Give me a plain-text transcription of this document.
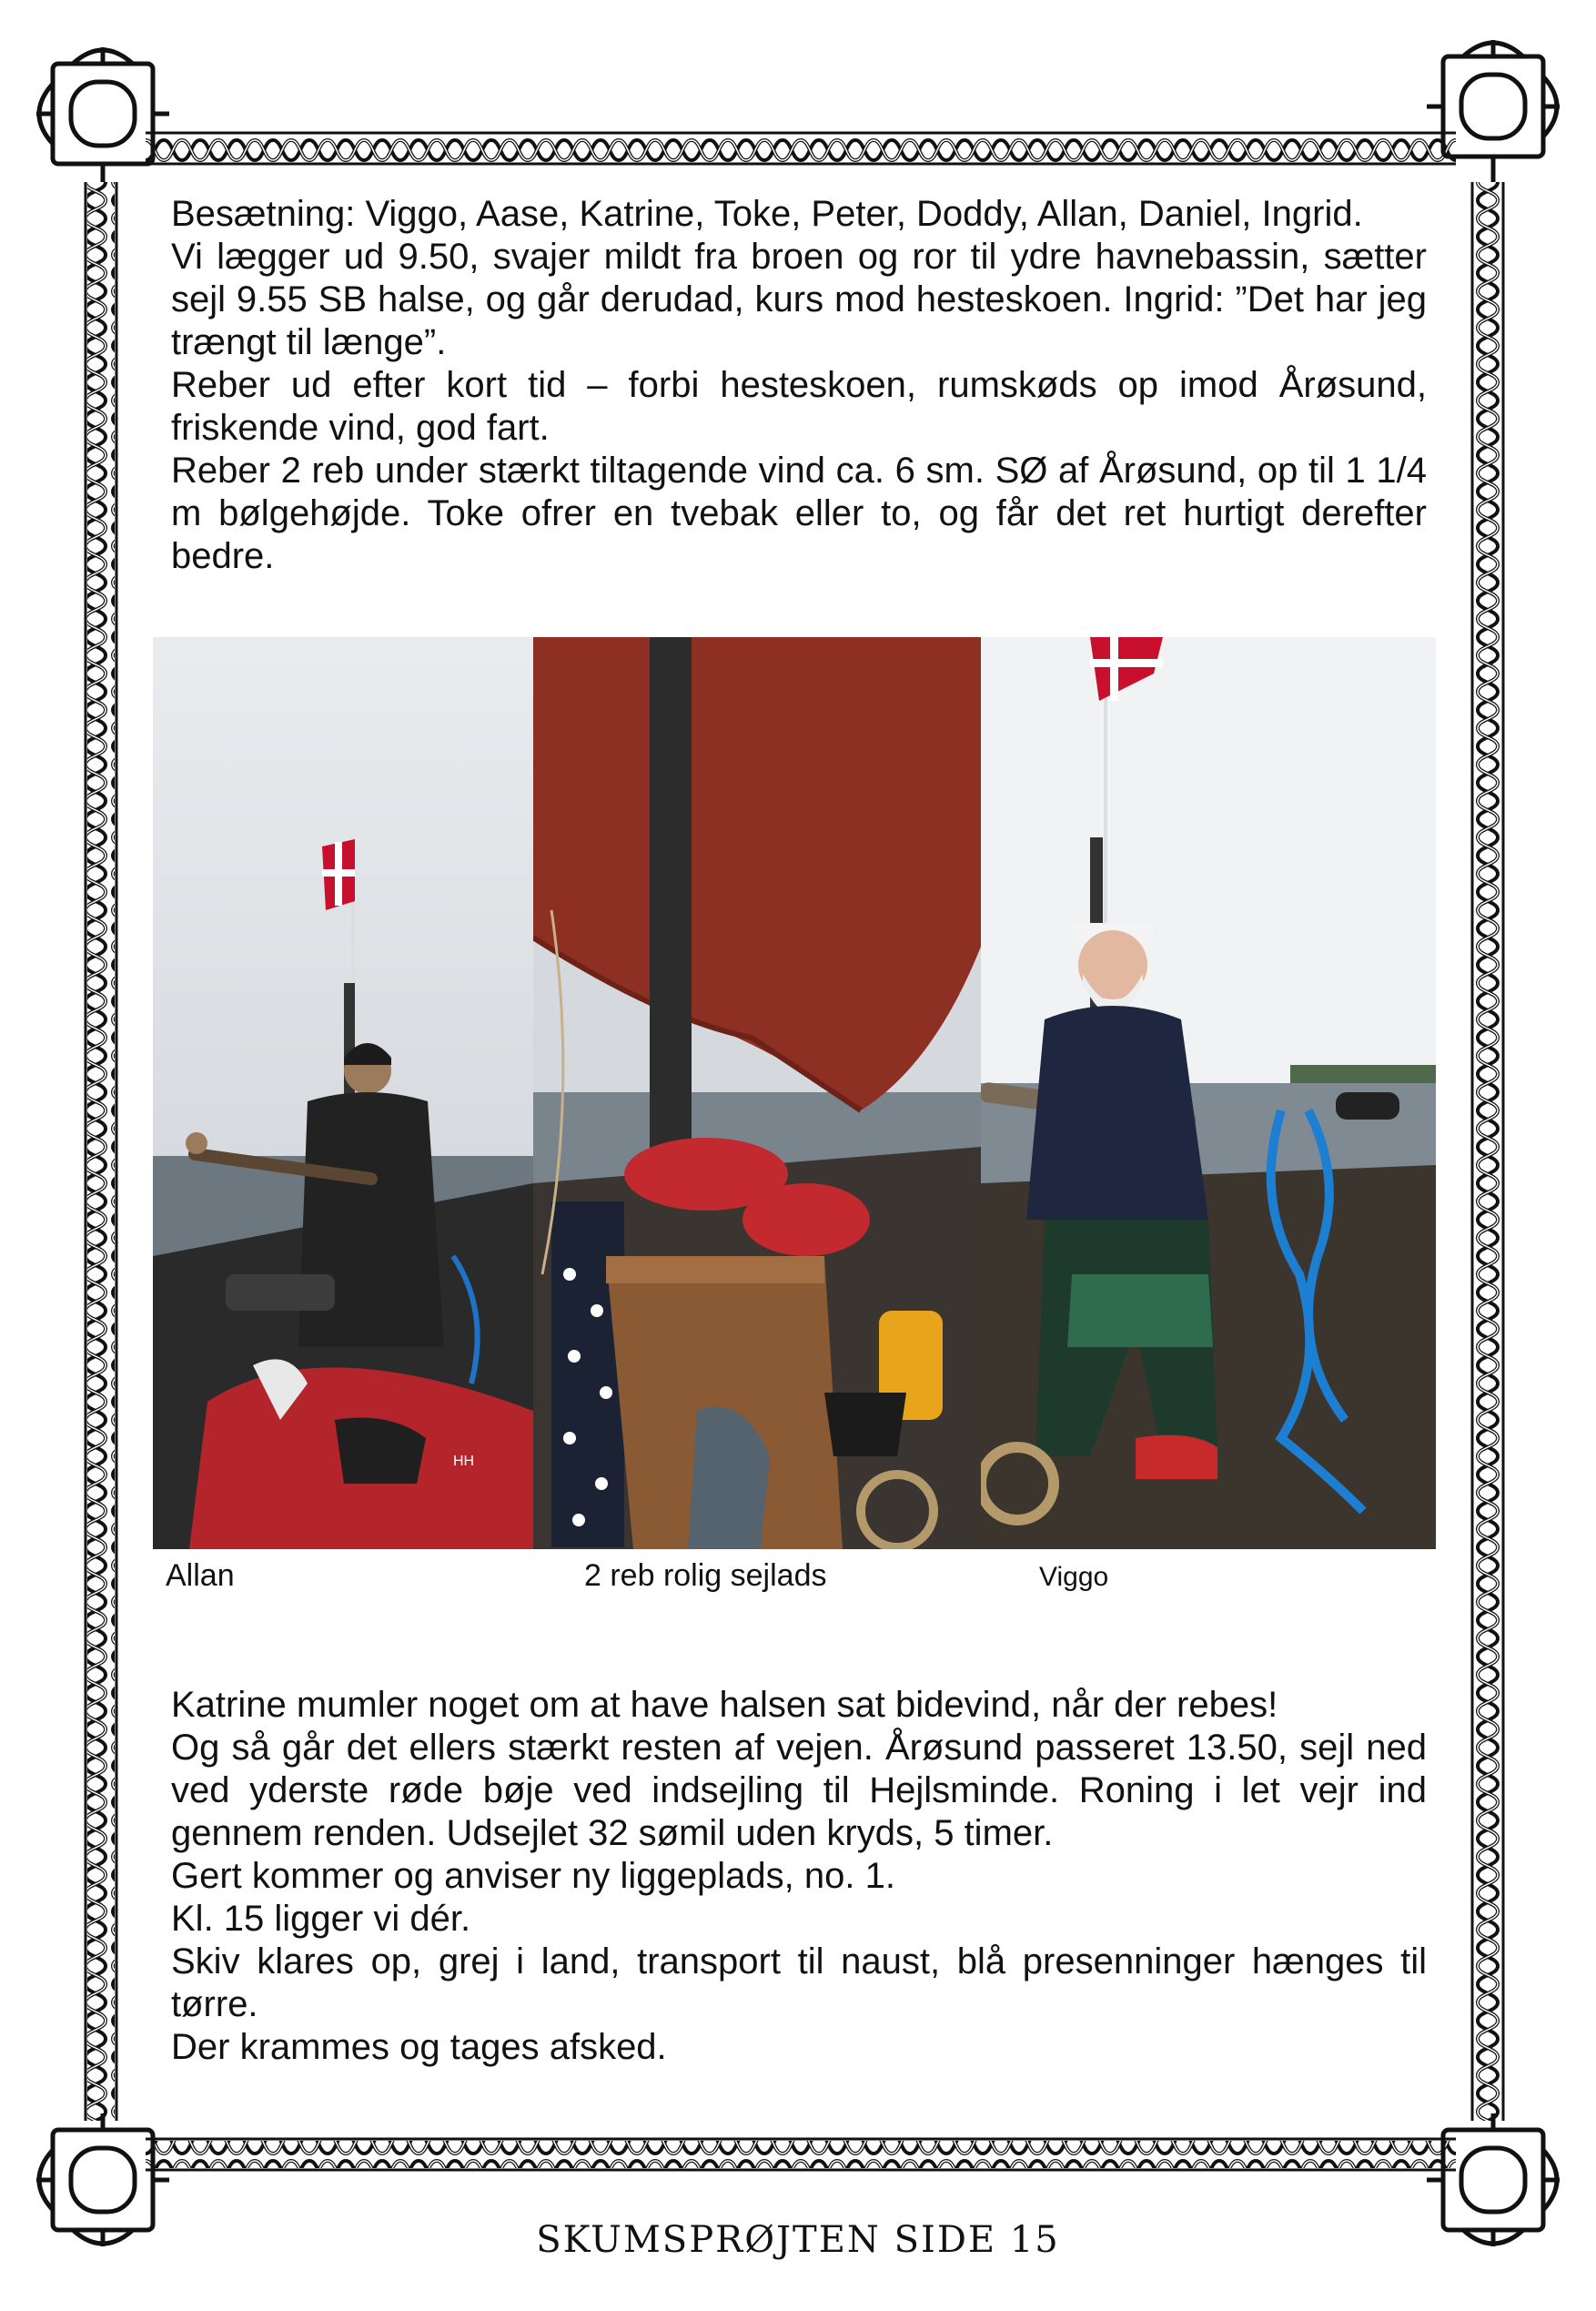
Besætning: Viggo, Aase, Katrine, Toke, Peter, Doddy, Allan, Daniel, Ingrid.

Vi lægger ud 9.50, svajer mildt fra broen og ror til ydre havnebassin, sætter sejl 9.55 SB halse, og går derudad, kurs mod hesteskoen. Ingrid: ”Det har jeg trængt til længe”.

Reber ud efter kort tid – forbi hesteskoen, rumskøds op imod Årøsund, friskende vind, god fart.

Reber 2 reb under stærkt tiltagende vind ca. 6 sm. SØ af Årøsund, op til 1 1/4 m bølgehøjde. Toke ofrer en tvebak eller to, og får det ret hurtigt derefter bedre.

HH
Allan	2 reb rolig sejlads	Viggo

Katrine mumler noget om at have halsen sat bidevind, når der rebes!

Og så går det ellers stærkt resten af vejen. Årøsund passeret 13.50, sejl ned ved yderste røde bøje ved indsejling til Hejlsminde. Roning i let vejr ind gennem renden. Udsejlet 32 sømil uden kryds, 5 timer.

Gert kommer og anviser ny liggeplads, no. 1.

Kl. 15 ligger vi dér.

Skiv klares op, grej i land, transport til naust, blå presenninger hænges til tørre.

Der krammes og tages afsked.

SKUMSPRØJTEN SIDE 15
